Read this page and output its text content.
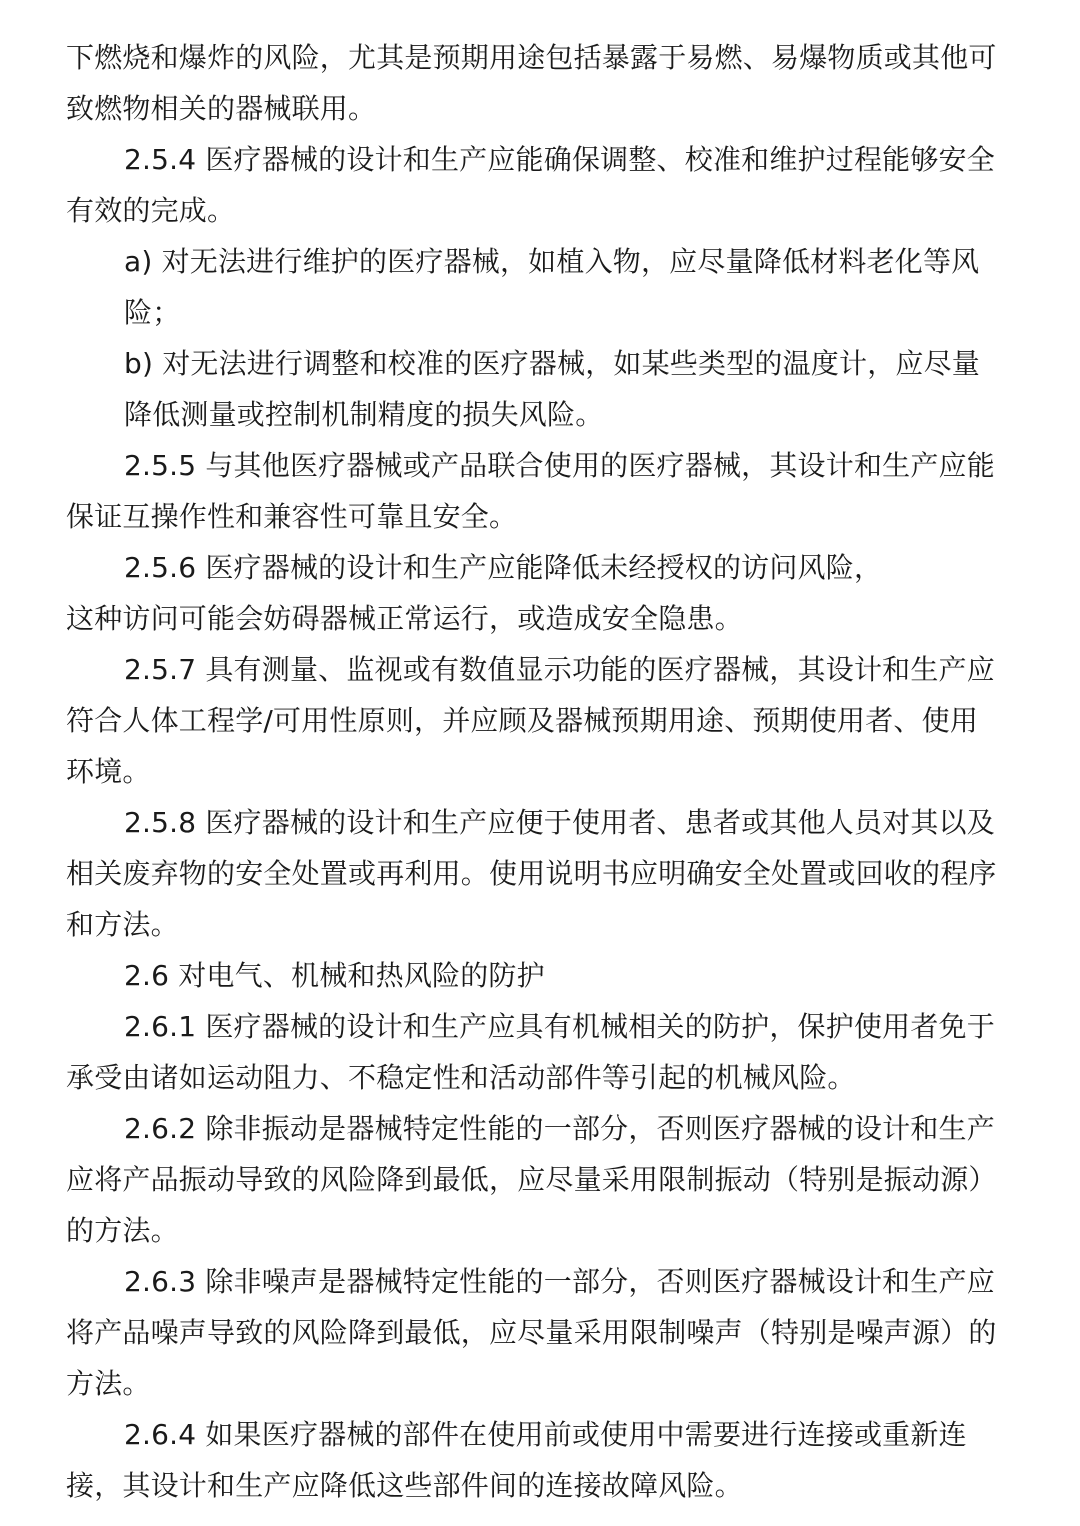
下燃烧和爆炸的风险，尤其是预期用途包括暴露于易燃、易爆物质或其他可
致燃物相关的器械联用。
2.5.4 医疗器械的设计和生产应能确保调整、校准和维护过程能够安全
有效的完成。
a) 对无法进行维护的医疗器械，如植入物，应尽量降低材料老化等风
险；
b) 对无法进行调整和校准的医疗器械，如某些类型的温度计，应尽量
降低测量或控制机制精度的损失风险。
2.5.5 与其他医疗器械或产品联合使用的医疗器械，其设计和生产应能
保证互操作性和兼容性可靠且安全。
2.5.6 医疗器械的设计和生产应能降低未经授权的访问风险，
这种访问可能会妨碍器械正常运行，或造成安全隐患。
2.5.7 具有测量、监视或有数值显示功能的医疗器械，其设计和生产应
符合人体工程学/可用性原则，并应顾及器械预期用途、预期使用者、使用
环境。
2.5.8 医疗器械的设计和生产应便于使用者、患者或其他人员对其以及
相关废弃物的安全处置或再利用。使用说明书应明确安全处置或回收的程序
和方法。
2.6 对电气、机械和热风险的防护
2.6.1 医疗器械的设计和生产应具有机械相关的防护，保护使用者免于
承受由诸如运动阻力、不稳定性和活动部件等引起的机械风险。
2.6.2 除非振动是器械特定性能的一部分，否则医疗器械的设计和生产
应将产品振动导致的风险降到最低，应尽量采用限制振动（特别是振动源）
的方法。
2.6.3 除非噪声是器械特定性能的一部分，否则医疗器械设计和生产应
将产品噪声导致的风险降到最低，应尽量采用限制噪声（特别是噪声源）的
方法。
2.6.4 如果医疗器械的部件在使用前或使用中需要进行连接或重新连
接，其设计和生产应降低这些部件间的连接故障风险。
